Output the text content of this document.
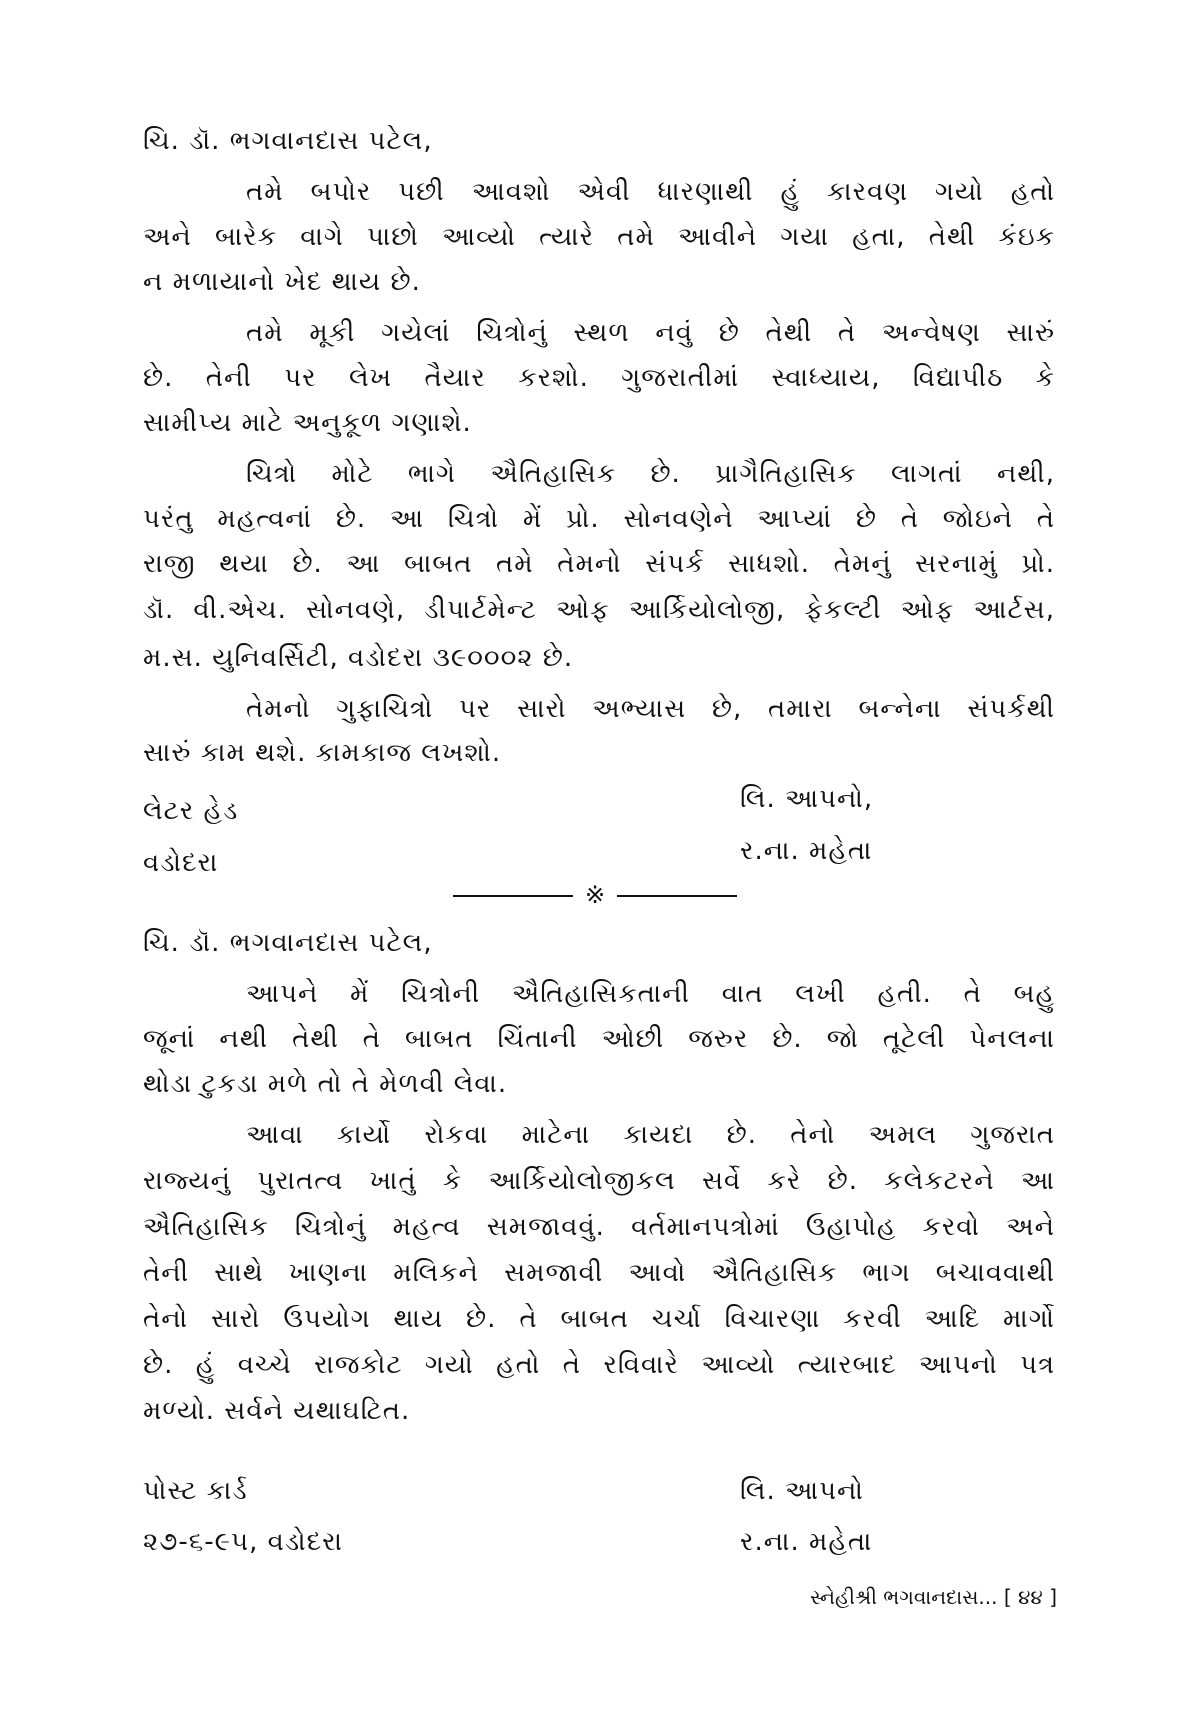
ચિ. ડૉ. ભગવાનદાસ પટેલ,

તમે બપોર પછી આવશો એવી ધારણાથી હું કારવણ ગયો હતો

અને બારેક વાગે પાછો આવ્યો ત્યારે તમે આવીને ગયા હતા, તેથી કંઇક

ન મળાયાનો ખેદ થાય છે.

તમે મૂકી ગયેલાં ચિત્રોનું સ્થળ નવું છે તેથી તે અન્વેષણ સારું

છે. તેની પર લેખ તૈયાર કરશો. ગુજરાતીમાં સ્વાધ્યાય, વિદ્યાપીઠ કે

સામીપ્ય માટે અનુકૂળ ગણાશે.

ચિત્રો મોટે ભાગે ઐતિહાસિક છે. પ્રાગૈતિહાસિક લાગતાં નથી,

પરંતુ મહત્વનાં છે. આ ચિત્રો મેં પ્રો. સોનવણેને આપ્યાં છે તે જોઇને તે

રાજી થયા છે. આ બાબત તમે તેમનો સંપર્ક સાધશો. તેમનું સરનામું પ્રો.

ડૉ. વી.એચ. સોનવણે, ડીપાર્ટમેન્ટ ઓફ આર્કિયોલોજી, ફેકલ્ટી ઓફ આર્ટસ,

મ.સ. યુનિવર્સિટી, વડોદરા ૩૯૦૦૦૨ છે.

તેમનો ગુફાચિત્રો પર સારો અભ્યાસ છે, તમારા બન્નેના સંપર્કથી

સારું કામ થશે. કામકાજ લખશો.

લેટર હેડ

વડોદરા

લિ. આપનો,

ર.ના. મહેતા

※

ચિ. ડૉ. ભગવાનદાસ પટેલ,

આપને મેં ચિત્રોની ઐતિહાસિકતાની વાત લખી હતી. તે બહુ

જૂનાં નથી તેથી તે બાબત ચિંતાની ઓછી જરુર છે. જો તૂટેલી પેનલના

થોડા ટુકડા મળે તો તે મેળવી લેવા.

આવા કાર્યો રોકવા માટેના કાયદા છે. તેનો અમલ ગુજરાત

રાજ્યનું પુરાતત્વ ખાતું કે આર્કિયોલોજીકલ સર્વે કરે છે. કલેકટરને આ

ઐતિહાસિક ચિત્રોનું મહત્વ સમજાવવું. વર્તમાનપત્રોમાં ઉહાપોહ કરવો અને

તેની સાથે ખાણના મલિકને સમજાવી આવો ઐતિહાસિક ભાગ બચાવવાથી

તેનો સારો ઉપયોગ થાય છે. તે બાબત ચર્ચા વિચારણા કરવી આદિ માર્ગો

છે. હું વચ્ચે રાજકોટ ગયો હતો તે રવિવારે આવ્યો ત્યારબાદ આપનો પત્ર

મળ્યો. સર્વને યથાઘટિત.

પોસ્ટ કાર્ડ

૨૭-૬-૯૫, વડોદરા

લિ. આપનો

ર.ના. મહેતા

સ્નેહીશ્રી ભગવાનદાસ... [ ૪૪ ]
